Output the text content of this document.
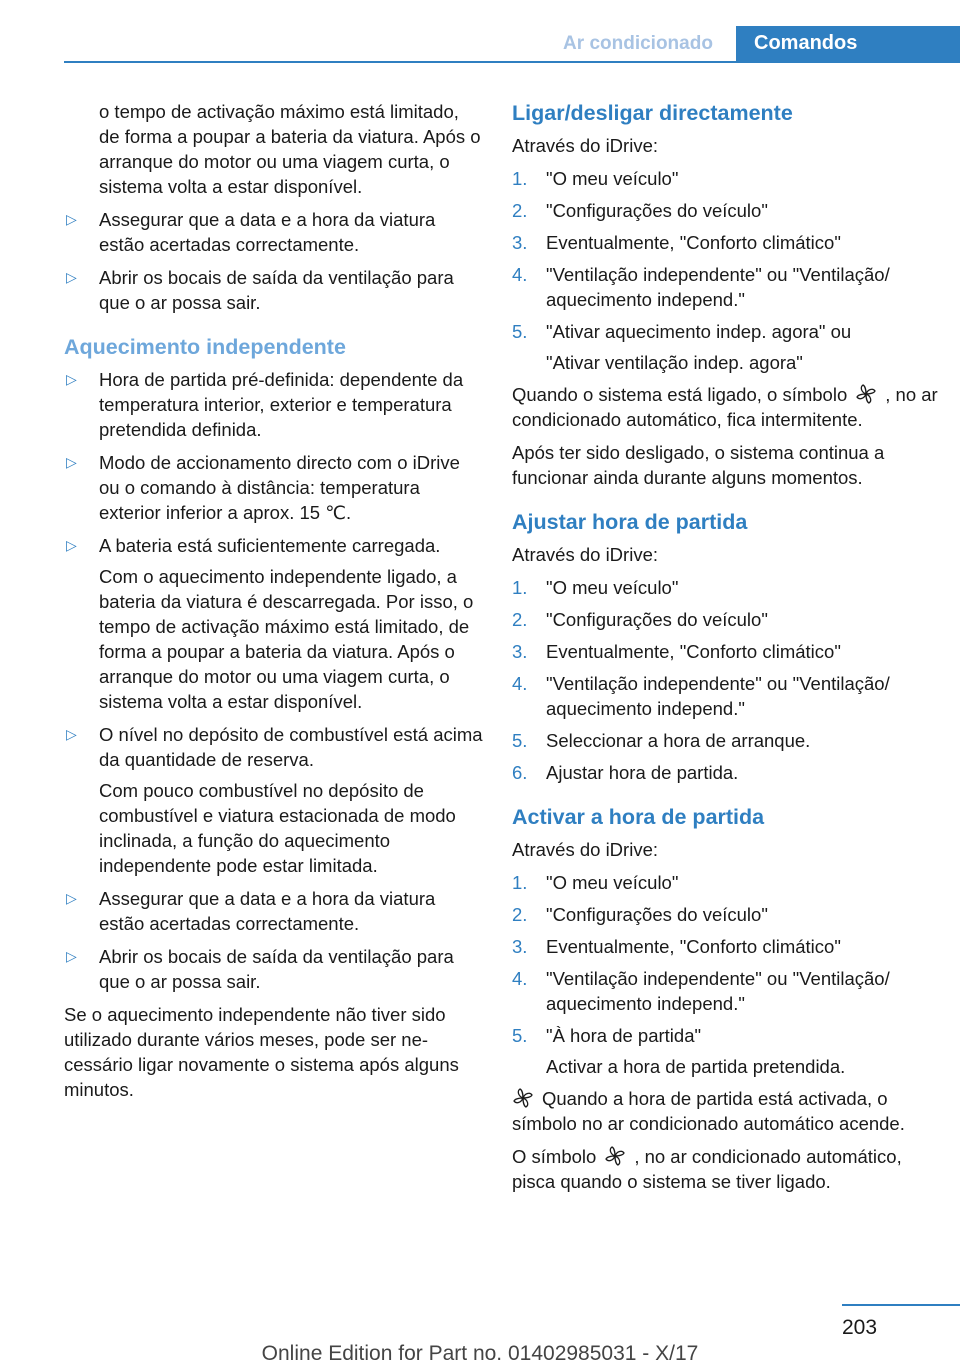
Ar condicionado	Comandos

o tempo de activação máximo está limitado, de forma a poupar a bateria da viatura. Após o arranque do motor ou uma viagem curta, o sistema volta a estar disponível.

▷ Assegurar que a data e a hora da viatura estão acertadas correctamente.
▷ Abrir os bocais de saída da ventilação para que o ar possa sair.
Aquecimento independente
▷ Hora de partida pré-definida: dependente da temperatura interior, exterior e temperatura pretendida definida.
▷ Modo de accionamento directo com o iDrive ou o comando à distância: temperatura exterior inferior a aprox. 15 ℃.
▷ A bateria está suficientemente carregada.

Com o aquecimento independente ligado, a bateria da viatura é descarregada. Por isso, o tempo de activação máximo está limitado, de forma a poupar a bateria da viatura. Após o arranque do motor ou uma viagem curta, o sistema volta a estar disponível.

▷ O nível no depósito de combustível está acima da quantidade de reserva.

Com pouco combustível no depósito de combustível e viatura estacionada de modo inclinada, a função do aquecimento independente pode estar limitada.

▷ Assegurar que a data e a hora da viatura estão acertadas correctamente.
▷ Abrir os bocais de saída da ventilação para que o ar possa sair.

Se o aquecimento independente não tiver sido utilizado durante vários meses, pode ser necessário ligar novamente o sistema após alguns minutos.

Ligar/desligar directamente

Através do iDrive:

1. "O meu veículo"
2. "Configurações do veículo"
3. Eventualmente, "Conforto climático"
4. "Ventilação independente" ou "Ventilação/ aquecimento independ."
5. "Ativar aquecimento indep. agora" ou
"Ativar ventilação indep. agora"

Quando o sistema está ligado, o símbolo , no ar condicionado automático, fica intermitente.

Após ter sido desligado, o sistema continua a funcionar ainda durante alguns momentos.

Ajustar hora de partida

Através do iDrive:

1. "O meu veículo"
2. "Configurações do veículo"
3. Eventualmente, "Conforto climático"
4. "Ventilação independente" ou "Ventilação/ aquecimento independ."
5. Seleccionar a hora de arranque.
6. Ajustar hora de partida.
Activar a hora de partida

Através do iDrive:

1. "O meu veículo"
2. "Configurações do veículo"
3. Eventualmente, "Conforto climático"
4. "Ventilação independente" ou "Ventilação/ aquecimento independ."
5. "À hora de partida"
Activar a hora de partida pretendida.

Quando a hora de partida está activada, o símbolo no ar condicionado automático acende.

O símbolo , no ar condicionado automático, pisca quando o sistema se tiver ligado.

203
Online Edition for Part no. 01402985031 - X/17
